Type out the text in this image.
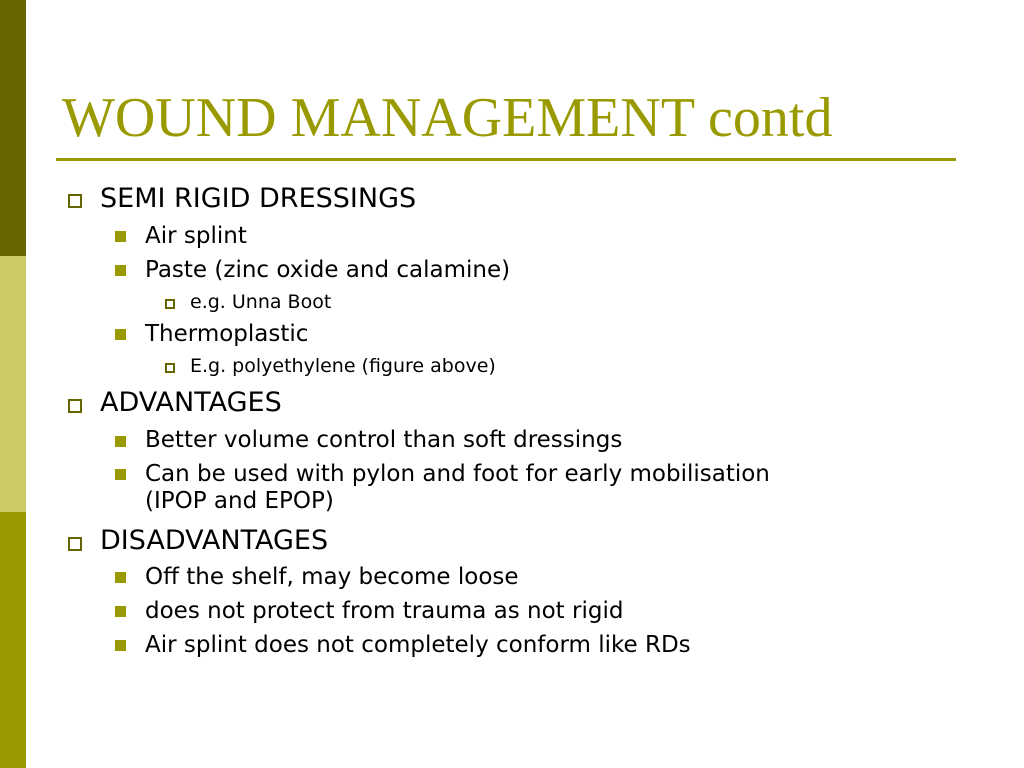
WOUND MANAGEMENT contd
SEMI RIGID DRESSINGS
Air splint
Paste (zinc oxide and calamine)
e.g. Unna Boot
Thermoplastic
E.g. polyethylene (figure above)
ADVANTAGES
Better volume control than soft dressings
Can be used with pylon and foot for early mobilisation
(IPOP and EPOP)
DISADVANTAGES
Off the shelf, may become loose
does not protect from trauma as not rigid
Air splint does not completely conform like RDs
